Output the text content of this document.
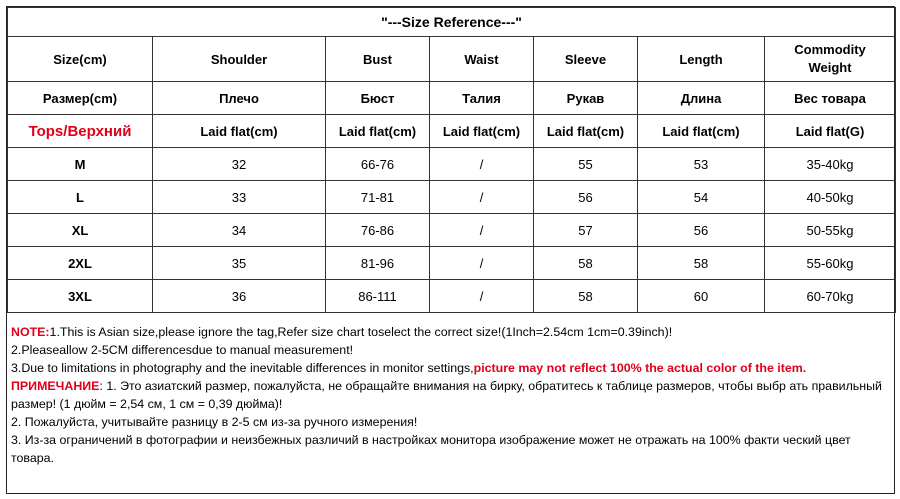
"---Size Reference---"						
Size(cm)	Shoulder	Bust	Waist	Sleeve	Length	Commodity Weight
Размер(cm)	Плечо	Бюст	Талия	Рукав	Длина	Вес товара
Tops/Верхний	Laid flat(cm)	Laid flat(cm)	Laid flat(cm)	Laid flat(cm)	Laid flat(cm)	Laid flat(G)
M	32	66-76	/	55	53	35-40kg
L	33	71-81	/	56	54	40-50kg
XL	34	76-86	/	57	56	50-55kg
2XL	35	81-96	/	58	58	55-60kg
3XL	36	86-111	/	58	60	60-70kg

NOTE:1.This is Asian size,please ignore the tag,Refer size chart toselect the correct size!(1Inch=2.54cm 1cm=0.39inch)!

2.Pleaseallow 2-5CM differencesdue to manual measurement!

3.Due to limitations in photography and the inevitable differences in monitor settings,picture may not reflect 100% the actual color of the item.

ПРИМЕЧАНИЕ: 1. Это азиатский размер, пожалуйста, не обращайте внимания на бирку, обратитесь к таблице размеров, чтобы выбр ать правильный размер! (1 дюйм = 2,54 см, 1 см = 0,39 дюйма)!

2. Пожалуйста, учитывайте разницу в 2-5 см из-за ручного измерения!

3. Из-за ограничений в фотографии и неизбежных различий в настройках монитора изображение может не отражать на 100% факти ческий цвет товара.
